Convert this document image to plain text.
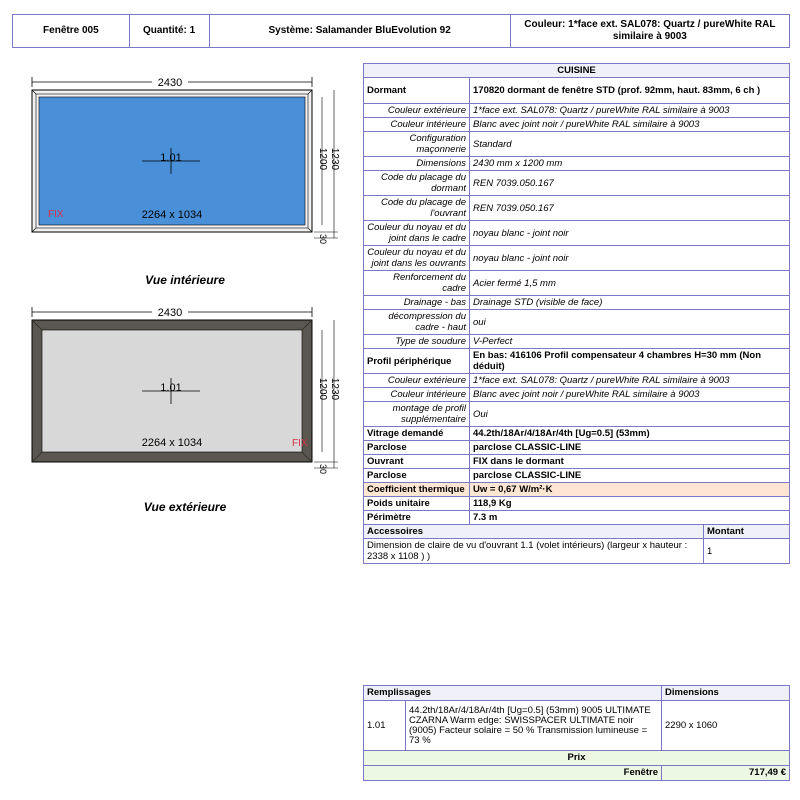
Fenêtre 005	Quantité: 1	Système: Salamander BluEvolution 92
Couleur: 1*face ext. SAL078: Quartz / pureWhite RAL similaire à 9003
2430
1.01
FIX	2264 x 1034
1200 1230
30
Vue intérieure
2430
1.01
FIX
2264 x 1034
1200 1230
30
Vue extérieure
CUISINE		
Dormant	170820 dormant de fenêtre STD (prof. 92mm, haut. 83mm, 6 ch )	
Couleur extérieure	1*face ext. SAL078: Quartz / pureWhite RAL similaire à 9003	
Couleur intérieure	Blanc avec joint noir / pureWhite RAL similaire à 9003	
Configuration maçonnerie	Standard	
Dimensions	2430 mm x 1200 mm	
Code du placage du dormant	REN 7039.050.167	
Code du placage de l'ouvrant	REN 7039.050.167	
Couleur du noyau et du joint dans le cadre	noyau blanc - joint noir	
Couleur du noyau et du joint dans les ouvrants	noyau blanc - joint noir	
Renforcement du cadre	Acier fermé 1,5 mm	
Drainage - bas	Drainage STD (visible de face)	
décompression du cadre - haut	oui	
Type de soudure	V-Perfect	
Profil périphérique	En bas: 416106 Profil compensateur 4 chambres H=30 mm (Non déduit)	
Couleur extérieure	1*face ext. SAL078: Quartz / pureWhite RAL similaire à 9003	
Couleur intérieure	Blanc avec joint noir / pureWhite RAL similaire à 9003	
montage de profil supplémentaire	Oui	
Vitrage demandé	44.2th/18Ar/4/18Ar/4th [Ug=0.5] (53mm)	
Parclose	parclose CLASSIC-LINE	
Ouvrant	FIX dans le dormant	
Parclose	parclose CLASSIC-LINE	
Coefficient thermique	Uw = 0,67 W/m²·K	
Poids unitaire	118,9 Kg	
Périmètre	7.3 m	
Accessoires		Montant
Dimension de claire de vu d'ouvrant 1.1 (volet intérieurs) (largeur x hauteur : 2338 x 1108 ) )		1
Remplissages		Dimensions
1.01	44.2th/18Ar/4/18Ar/4th [Ug=0.5] (53mm) 9005 ULTIMATE CZARNA Warm edge: SWISSPACER ULTIMATE noir (9005) Facteur solaire = 50 % Transmission lumineuse = 73 %	2290 x 1060
Prix		
Fenêtre		717,49 €
